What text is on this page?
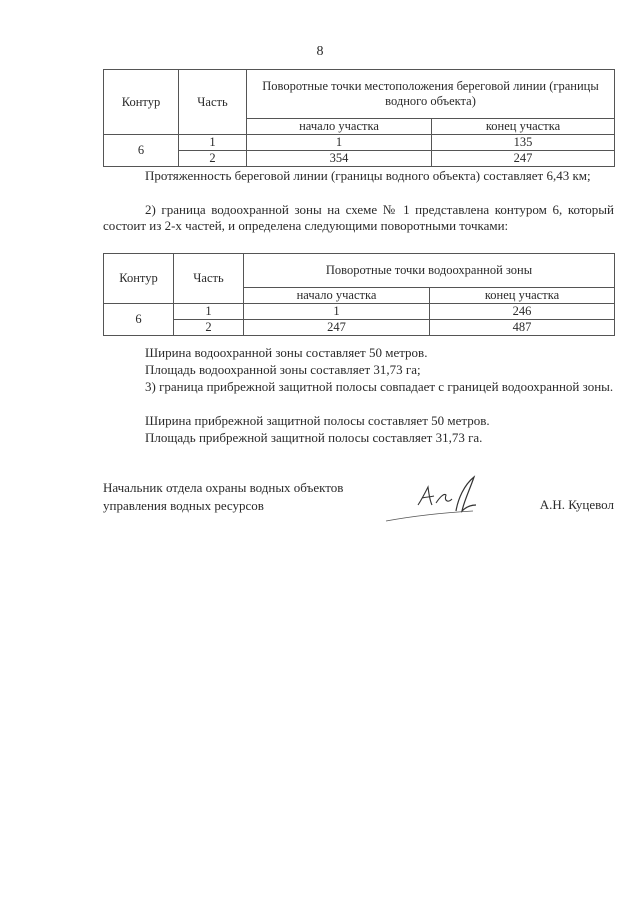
8
Контур	Часть	Поворотные точки местоположения береговой линии (границы водного объекта)	
		начало участка	конец участка
6	1	1	135
	2	354	247
Протяженность береговой линии (границы водного объекта) составляет 6,43 км;
2) граница водоохранной зоны на схеме № 1 представлена контуром 6, который состоит из 2-х частей, и определена следующими поворотными точками:
Контур	Часть	Поворотные точки водоохранной зоны	
		начало участка	конец участка
6	1	1	246
	2	247	487
Ширина водоохранной зоны составляет 50 метров.
Площадь водоохранной зоны составляет 31,73 га;
3) граница прибрежной защитной полосы совпадает с границей водоохранной зоны.
Ширина прибрежной защитной полосы составляет 50 метров.
Площадь прибрежной защитной полосы составляет 31,73 га.
Начальник отдела охраны водных объектов
управления водных ресурсов	А.Н. Куцевол
